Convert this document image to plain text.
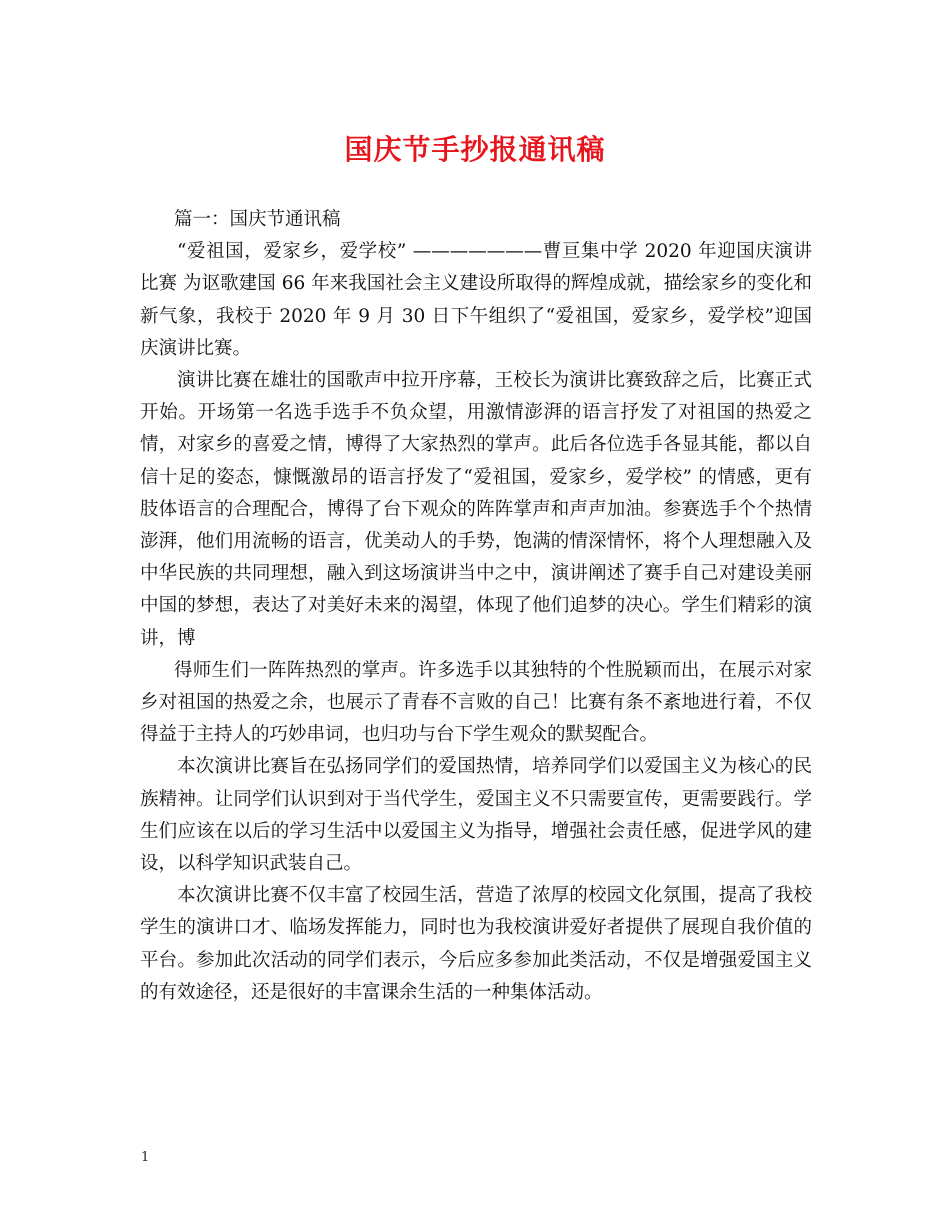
国庆节手抄报通讯稿

篇一：国庆节通讯稿

“爱祖国，爱家乡，爱学校” ———————曹亘集中学 2020 年迎国庆演讲比赛 为讴歌建国 66 年来我国社会主义建设所取得的辉煌成就，描绘家乡的变化和新气象，我校于 2020 年 9 月 30 日下午组织了“爱祖国，爱家乡，爱学校”迎国庆演讲比赛。

演讲比赛在雄壮的国歌声中拉开序幕，王校长为演讲比赛致辞之后，比赛正式开始。开场第一名选手选手不负众望，用激情澎湃的语言抒发了对祖国的热爱之情，对家乡的喜爱之情，博得了大家热烈的掌声。此后各位选手各显其能，都以自信十足的姿态，慷慨激昂的语言抒发了“爱祖国，爱家乡，爱学校” 的情感，更有肢体语言的合理配合，博得了台下观众的阵阵掌声和声声加油。参赛选手个个热情澎湃，他们用流畅的语言，优美动人的手势，饱满的情深情怀，将个人理想融入及中华民族的共同理想，融入到这场演讲当中之中，演讲阐述了赛手自己对建设美丽中国的梦想，表达了对美好未来的渴望，体现了他们追梦的决心。学生们精彩的演讲，博

得师生们一阵阵热烈的掌声。许多选手以其独特的个性脱颖而出，在展示对家乡对祖国的热爱之余，也展示了青春不言败的自己！比赛有条不紊地进行着，不仅得益于主持人的巧妙串词，也归功与台下学生观众的默契配合。

本次演讲比赛旨在弘扬同学们的爱国热情，培养同学们以爱国主义为核心的民族精神。让同学们认识到对于当代学生，爱国主义不只需要宣传，更需要践行。学生们应该在以后的学习生活中以爱国主义为指导，增强社会责任感，促进学风的建设，以科学知识武装自己。

本次演讲比赛不仅丰富了校园生活，营造了浓厚的校园文化氛围，提高了我校学生的演讲口才、临场发挥能力，同时也为我校演讲爱好者提供了展现自我价值的平台。参加此次活动的同学们表示，今后应多参加此类活动，不仅是增强爱国主义的有效途径，还是很好的丰富课余生活的一种集体活动。

1
